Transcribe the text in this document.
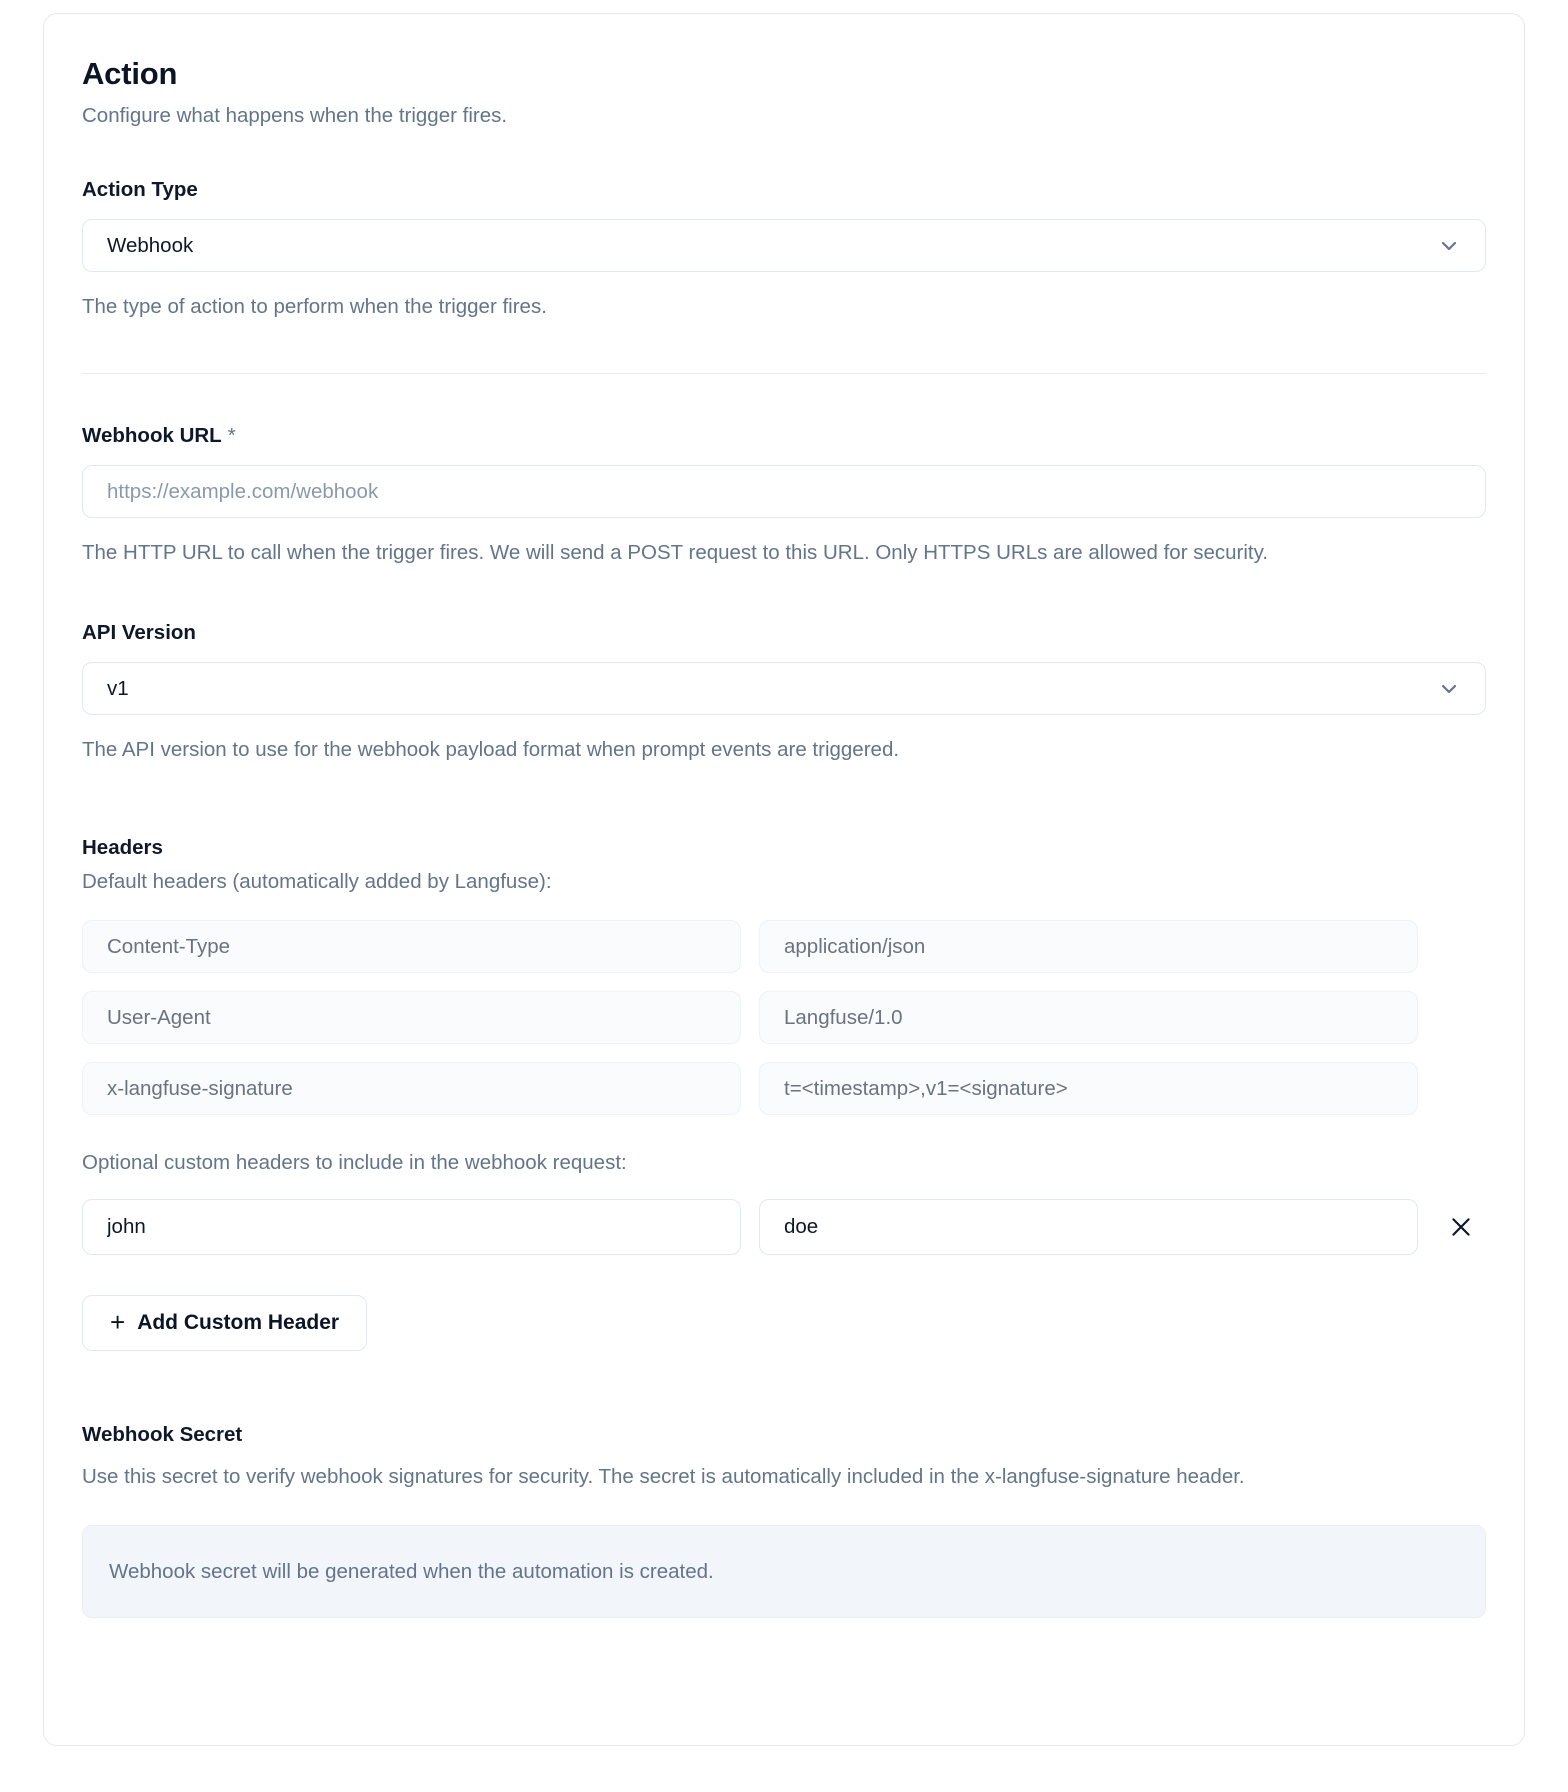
Action
Configure what happens when the trigger fires.
Action Type
Webhook
The type of action to perform when the trigger fires.
Webhook URL *
https://example.com/webhook
The HTTP URL to call when the trigger fires. We will send a POST request to this URL. Only HTTPS URLs are allowed for security.
API Version
v1
The API version to use for the webhook payload format when prompt events are triggered.
Headers
Default headers (automatically added by Langfuse):
Content-Type
application/json
User-Agent
Langfuse/1.0
x-langfuse-signature
t=<timestamp>,v1=<signature>
Optional custom headers to include in the webhook request:
john
doe
+ Add Custom Header
Webhook Secret
Use this secret to verify webhook signatures for security. The secret is automatically included in the x-langfuse-signature header.
Webhook secret will be generated when the automation is created.
